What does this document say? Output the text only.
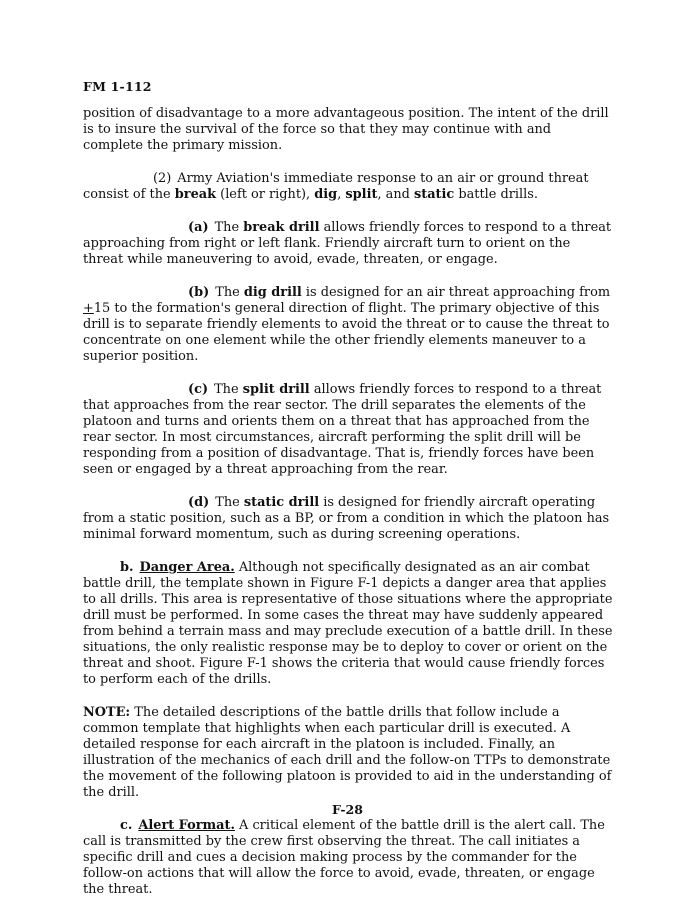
FM 1-112

position of disadvantage to a more advantageous position. The intent of the drill is to insure the survival of the force so that they may continue with and complete the primary mission.

(2) Army Aviation's immediate response to an air or ground threat consist of the break (left or right), dig, split, and static battle drills.

(a) The break drill allows friendly forces to respond to a threat approaching from right or left flank. Friendly aircraft turn to orient on the threat while maneuvering to avoid, evade, threaten, or engage.

(b) The dig drill is designed for an air threat approaching from +15 to the formation's general direction of flight. The primary objective of this drill is to separate friendly elements to avoid the threat or to cause the threat to concentrate on one element while the other friendly elements maneuver to a superior position.

(c) The split drill allows friendly forces to respond to a threat that approaches from the rear sector. The drill separates the elements of the platoon and turns and orients them on a threat that has approached from the rear sector. In most circumstances, aircraft performing the split drill will be responding from a position of disadvantage. That is, friendly forces have been seen or engaged by a threat approaching from the rear.

(d) The static drill is designed for friendly aircraft operating from a static position, such as a BP, or from a condition in which the platoon has minimal forward momentum, such as during screening operations.

b. Danger Area. Although not specifically designated as an air combat battle drill, the template shown in Figure F-1 depicts a danger area that applies to all drills. This area is representative of those situations where the appropriate drill must be performed. In some cases the threat may have suddenly appeared from behind a terrain mass and may preclude execution of a battle drill. In these situations, the only realistic response may be to deploy to cover or orient on the threat and shoot. Figure F-1 shows the criteria that would cause friendly forces to perform each of the drills.

NOTE: The detailed descriptions of the battle drills that follow include a common template that highlights when each particular drill is executed. A detailed response for each aircraft in the platoon is included. Finally, an illustration of the mechanics of each drill and the follow-on TTPs to demonstrate the movement of the following platoon is provided to aid in the understanding of the drill.

c. Alert Format. A critical element of the battle drill is the alert call. The call is transmitted by the crew first observing the threat. The call initiates a specific drill and cues a decision making process by the commander for the follow-on actions that will allow the force to avoid, evade, threaten, or engage the threat.

F-28
